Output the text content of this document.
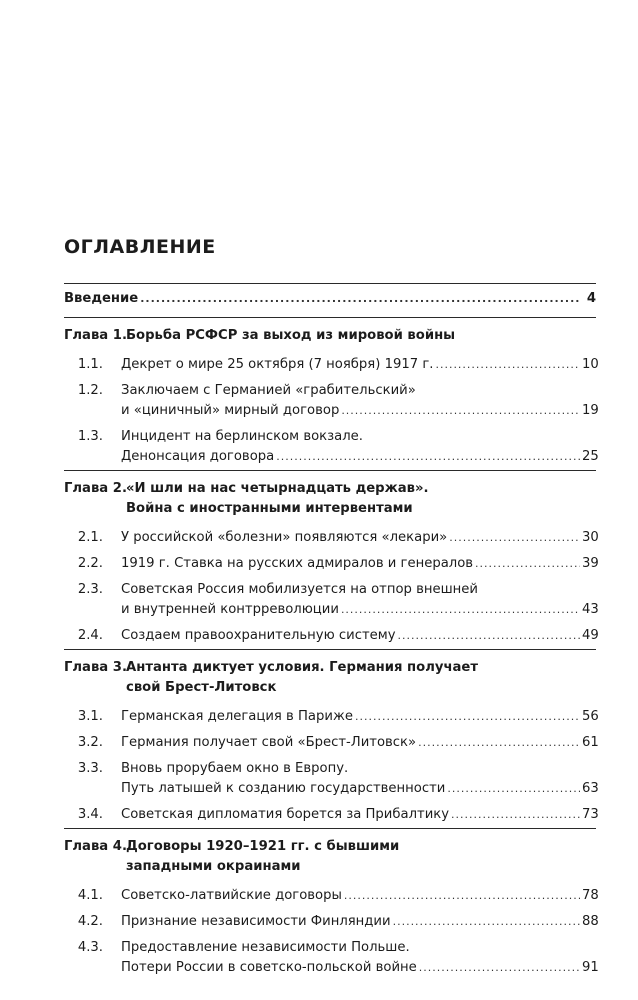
ОГЛАВЛЕНИЕ
Введение .....	4
Глава 1. Борьба РСФСР за выход из мировой войны
1.1. Декрет о мире 25 октября (7 ноября) 1917 г. .....	10
1.2. Заключаем с Германией «грабительский»
и «циничный» мирный договор .....	19
1.3. Инцидент на берлинском вокзале.
Денонсация договора .....	25
Глава 2. «И шли на нас четырнадцать держав».
Война с иностранными интервентами
2.1. У российской «болезни» появляются «лекари» .....	30
2.2. 1919 г. Ставка на русских адмиралов и генералов .....	39
2.3. Советская Россия мобилизуется на отпор внешней
и внутренней контрреволюции .....	43
2.4. Создаем правоохранительную систему .....	49
Глава 3. Антанта диктует условия. Германия получает
свой Брест-Литовск
3.1. Германская делегация в Париже .....	56
3.2. Германия получает свой «Брест-Литовск» .....	61
3.3. Вновь прорубаем окно в Европу.
Путь латышей к созданию государственности .....	63
3.4. Советская дипломатия борется за Прибалтику .....	73
Глава 4. Договоры 1920–1921 гг. с бывшими
западными окраинами
4.1. Советско-латвийские договоры .....	78
4.2. Признание независимости Финляндии .....	88
4.3. Предоставление независимости Польше.
Потери России в советско-польской войне .....	91
